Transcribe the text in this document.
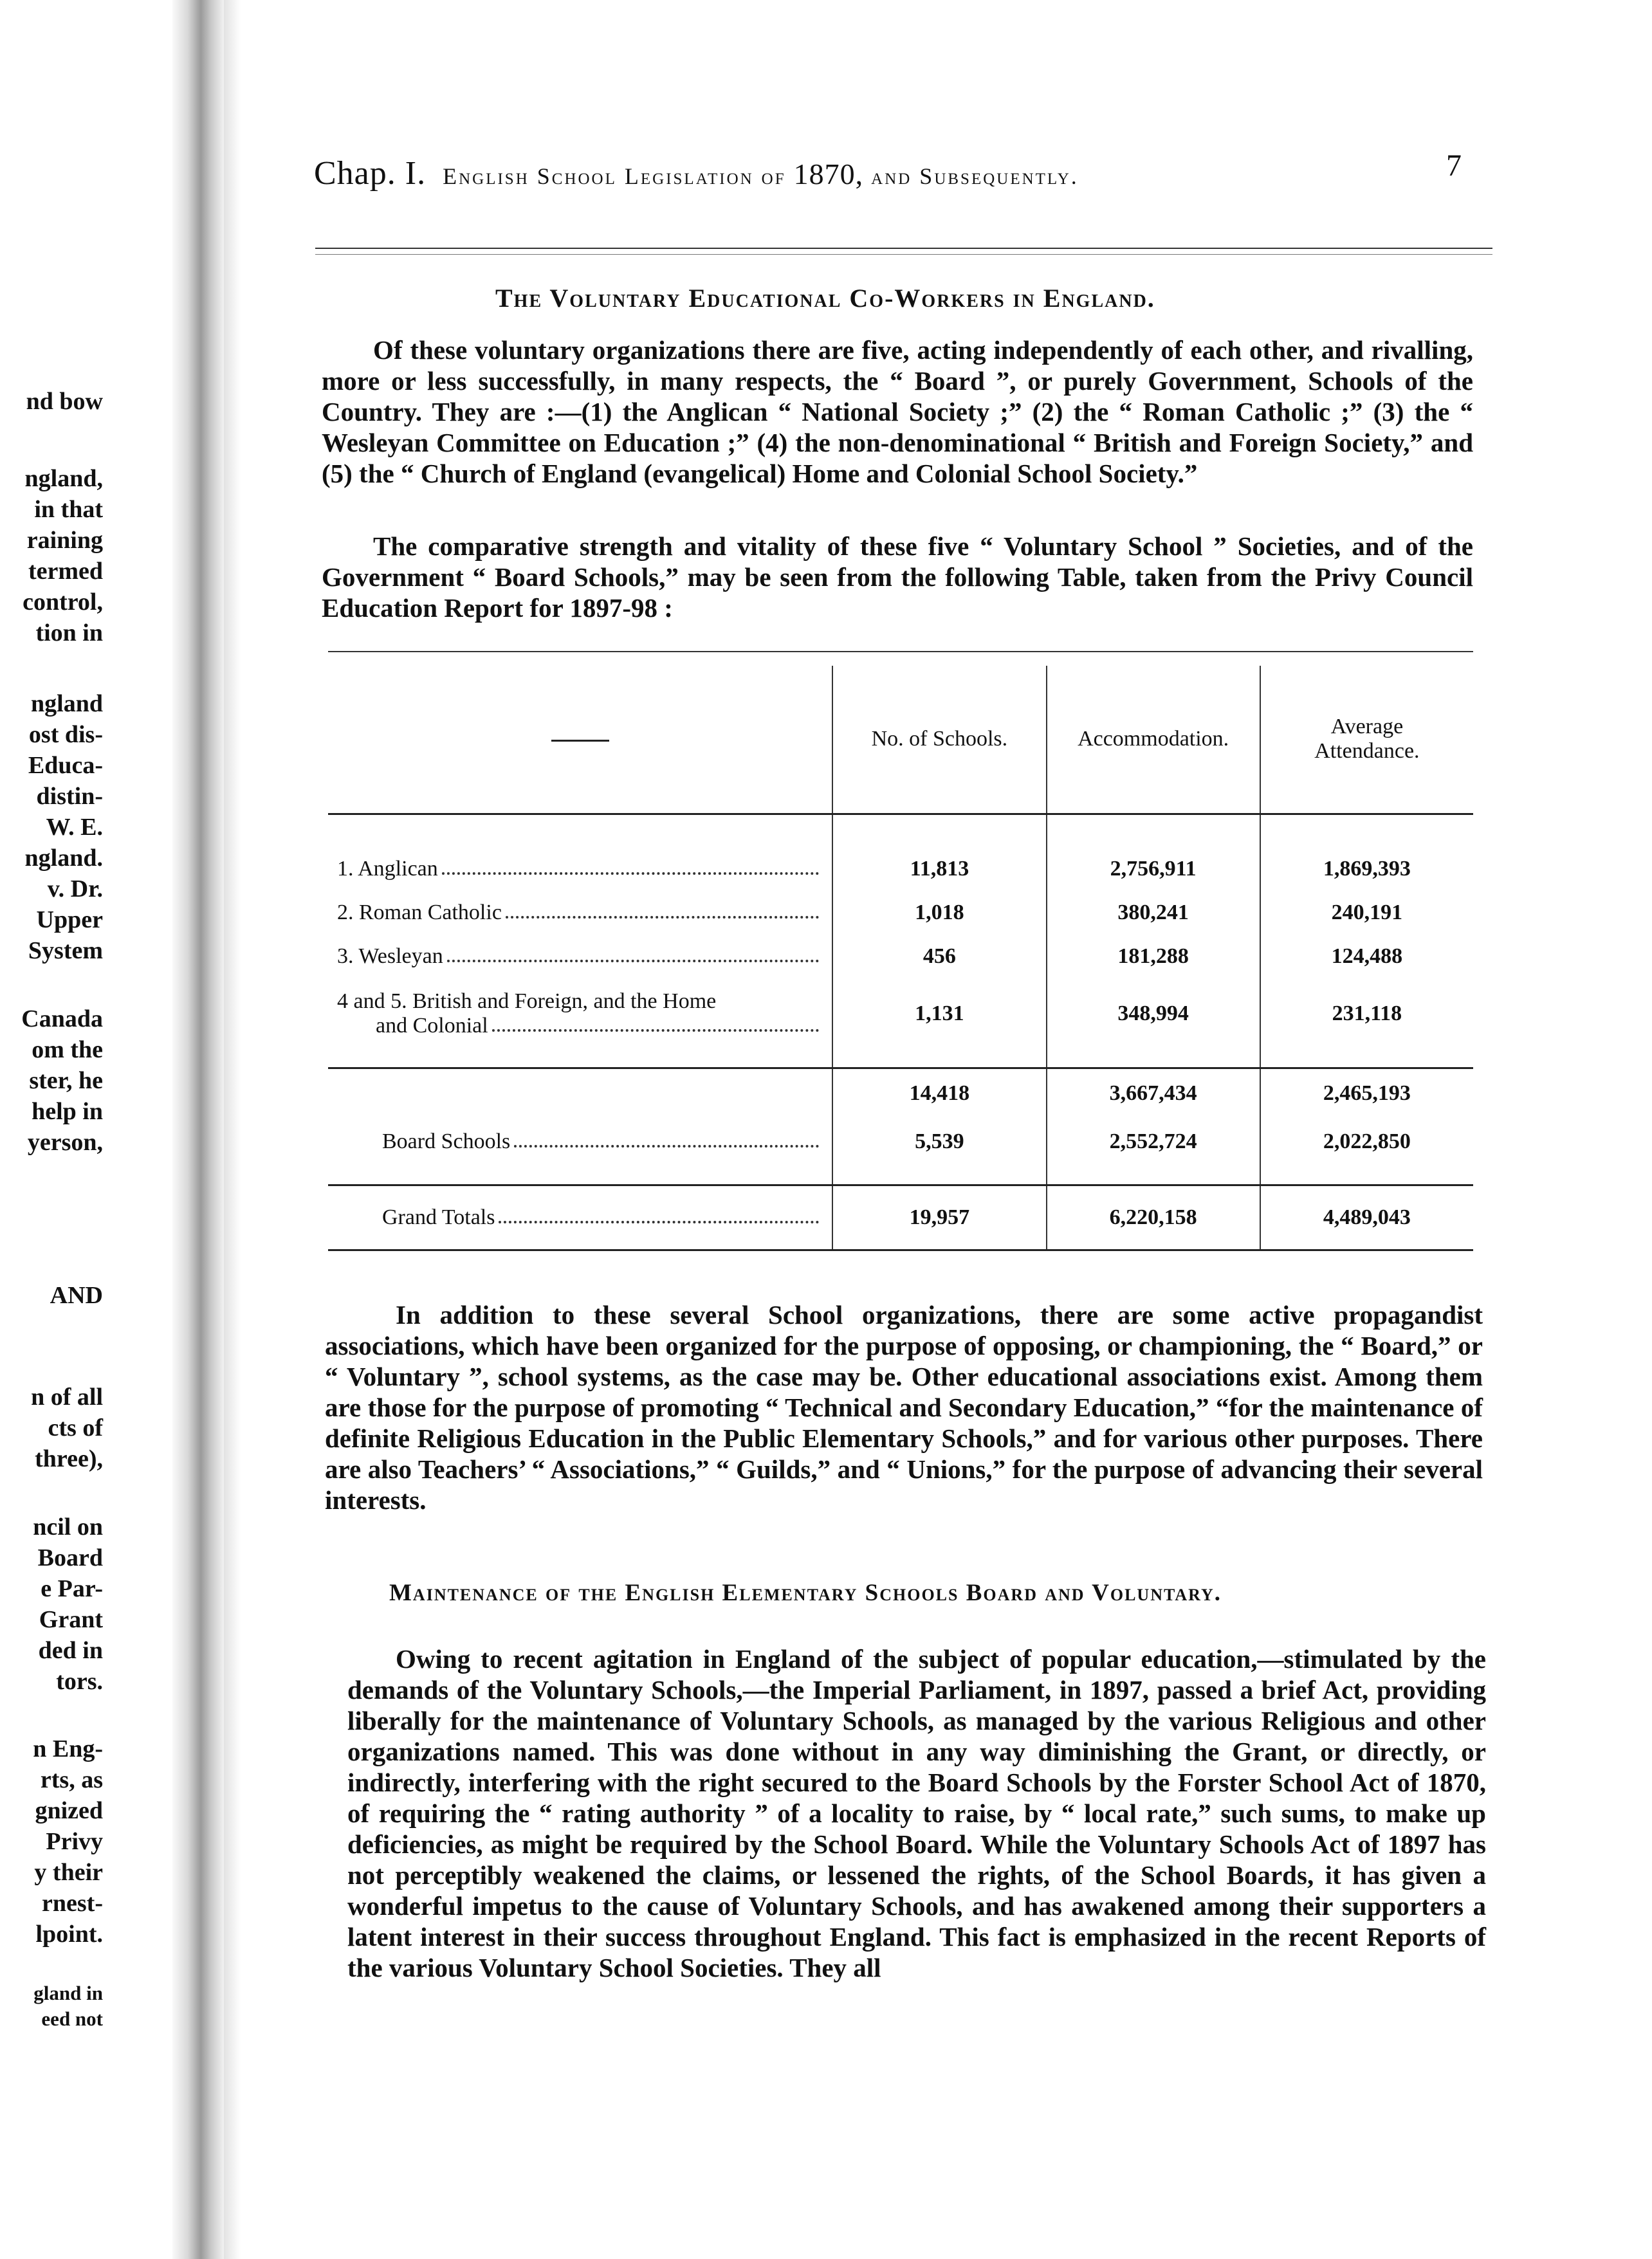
nd bow
ngland,
in that
raining
termed
control,
tion in
ngland
ost dis-
Educa-
distin-
W. E.
ngland.
v. Dr.
Upper
System
Canada
om the
ster, he
help in
yerson,
AND
n of all
cts of
three),
ncil on
Board
e Par-
Grant
ded in
tors.
n Eng-
rts, as
gnized
Privy
y their
rnest-
lpoint.
gland in
eed not
Chap. I. English School Legislation of 1870, and Subsequently.	7
The Voluntary Educational Co-Workers in England.

Of these voluntary organizations there are five, acting independently of each other, and rivalling, more or less successfully, in many respects, the “ Board ”, or purely Government, Schools of the Country. They are :—(1) the Anglican “ National Society ;” (2) the “ Roman Catholic ;” (3) the “ Wesleyan Committee on Education ;” (4) the non-denominational “ British and Foreign Society,” and (5) the “ Church of England (evangelical) Home and Colonial School Society.”

The comparative strength and vitality of these five “ Voluntary School ” Societies, and of the Government “ Board Schools,” may be seen from the following Table, taken from the Privy Council Education Report for 1897-98 :

	No. of Schools.	Accommodation.	Average
Attendance.

1. Anglican	11,813	2,756,911	1,869,393

2. Roman Catholic	1,018	380,241	240,191

3. Wesleyan	456	181,288	124,488

4 and 5. British and Foreign, and the Home
and Colonial	1,131	348,994	231,118

	14,418	3,667,434	2,465,193

Board Schools	5,539	2,552,724	2,022,850

Grand Totals	19,957	6,220,158	4,489,043

In addition to these several School organizations, there are some active propagandist associations, which have been organized for the purpose of opposing, or championing, the “ Board,” or “ Voluntary ”, school systems, as the case may be. Other educational associations exist. Among them are those for the purpose of promoting “ Technical and Secondary Education,” “for the maintenance of definite Religious Education in the Public Elementary Schools,” and for various other purposes. There are also Teachers’ “ Associations,” “ Guilds,” and “ Unions,” for the purpose of advancing their several interests.

Maintenance of the English Elementary Schools Board and Voluntary.

Owing to recent agitation in England of the subject of popular education,—stimulated by the demands of the Voluntary Schools,—the Imperial Parliament, in 1897, passed a brief Act, providing liberally for the maintenance of Voluntary Schools, as managed by the various Religious and other organizations named. This was done without in any way diminishing the Grant, or directly, or indirectly, interfering with the right secured to the Board Schools by the Forster School Act of 1870, of requiring the “ rating authority ” of a locality to raise, by “ local rate,” such sums, to make up deficiencies, as might be required by the School Board. While the Voluntary Schools Act of 1897 has not perceptibly weakened the claims, or lessened the rights, of the School Boards, it has given a wonderful impetus to the cause of Voluntary Schools, and has awakened among their supporters a latent interest in their success throughout England. This fact is emphasized in the recent Reports of the various Voluntary School Societies. They all
